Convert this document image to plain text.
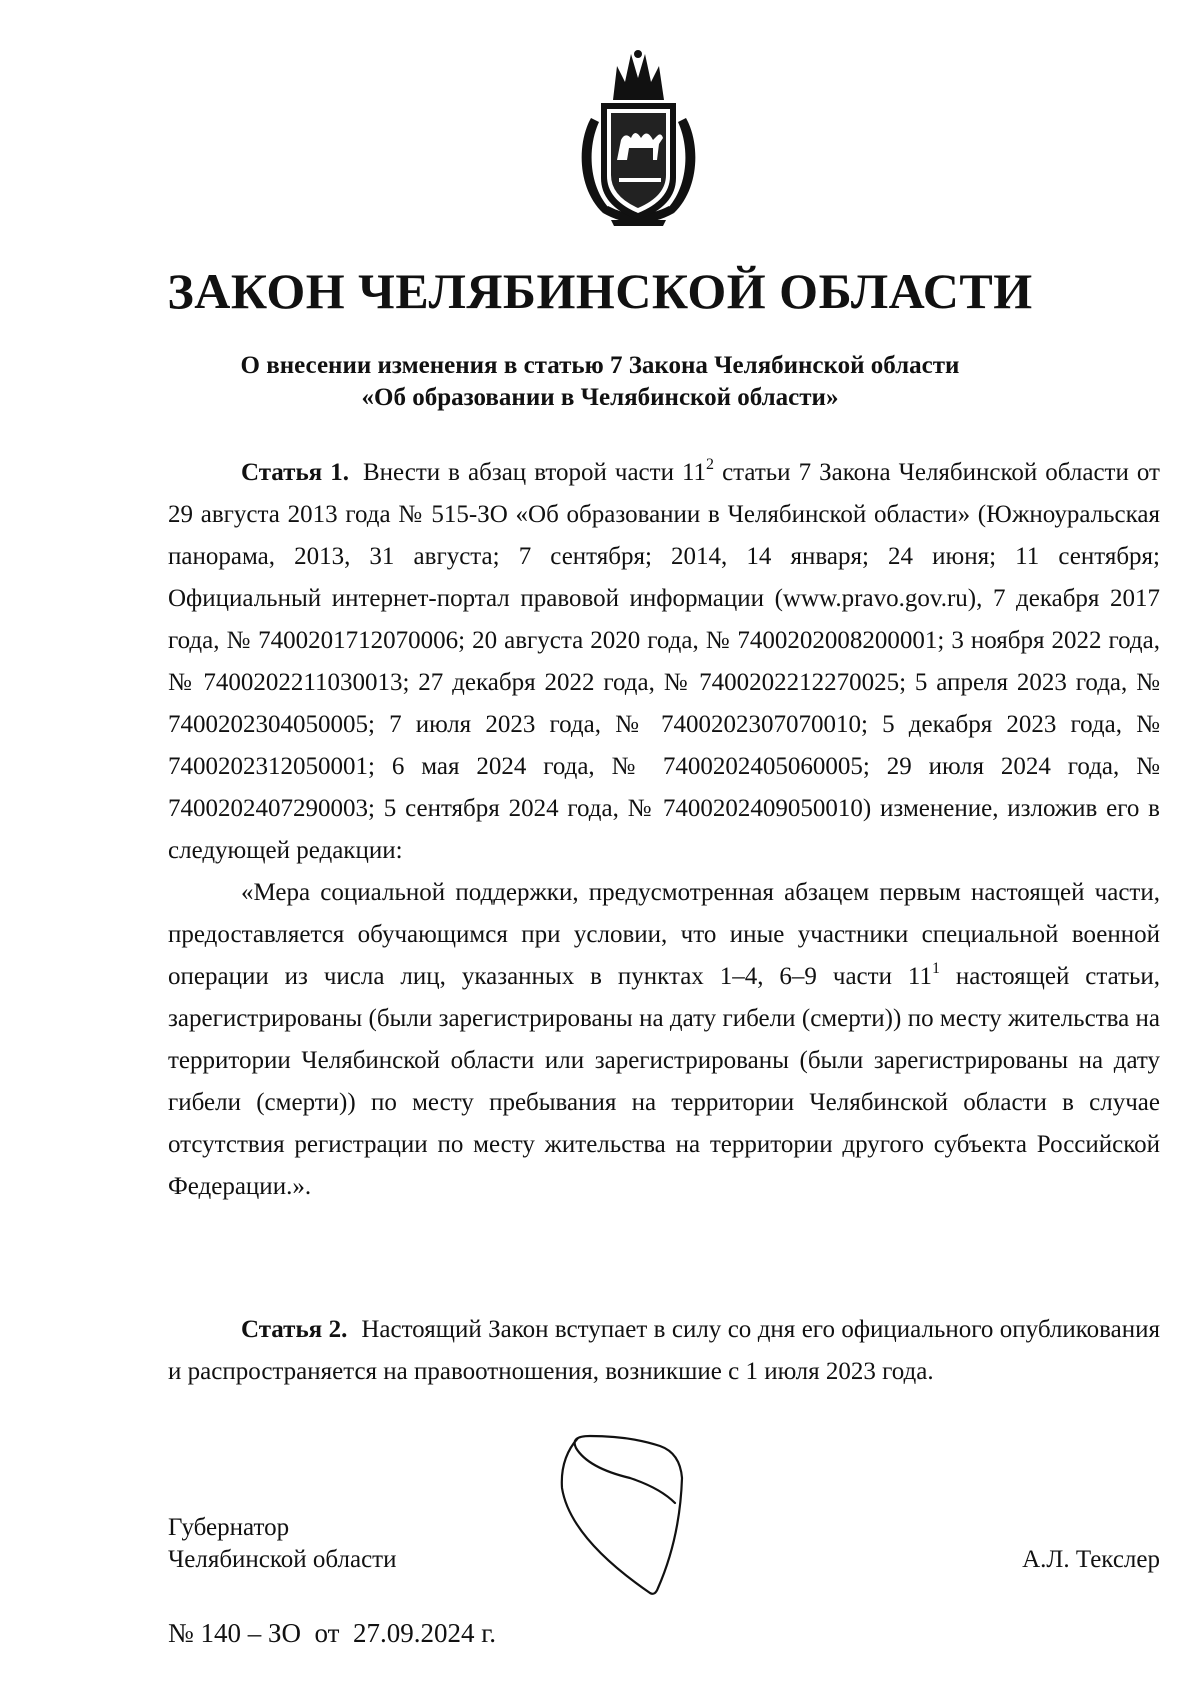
ЗАКОН ЧЕЛЯБИНСКОЙ ОБЛАСТИ
О внесении изменения в статью 7 Закона Челябинской области
«Об образовании в Челябинской области»

Статья 1. Внести в абзац второй части $11^2$ статьи 7 Закона Челябинской области от 29 августа 2013 года № 515-ЗО «Об образовании в Челябинской области» (Южноуральская панорама, 2013, 31 августа; 7 сентября; 2014, 14 января; 24 июня; 11 сентября; Официальный интернет-портал правовой информации (www.pravo.gov.ru), 7 декабря 2017 года, № 7400201712070006; 20 августа 2020 года, № 7400202008200001; 3 ноября 2022 года, № 7400202211030013; 27 декабря 2022 года, № 7400202212270025; 5 апреля 2023 года, № 7400202304050005; 7 июля 2023 года, № 7400202307070010; 5 декабря 2023 года, № 7400202312050001; 6 мая 2024 года, № 7400202405060005; 29 июля 2024 года, № 7400202407290003; 5 сентября 2024 года, № 7400202409050010) изменение, изложив его в следующей редакции:

«Мера социальной поддержки, предусмотренная абзацем первым настоящей части, предоставляется обучающимся при условии, что иные участники специальной военной операции из числа лиц, указанных в пунктах 1–4, 6–9 части $11^1$ настоящей статьи, зарегистрированы (были зарегистрированы на дату гибели (смерти)) по месту жительства на территории Челябинской области или зарегистрированы (были зарегистрированы на дату гибели (смерти)) по месту пребывания на территории Челябинской области в случае отсутствия регистрации по месту жительства на территории другого субъекта Российской Федерации.».

Статья 2. Настоящий Закон вступает в силу со дня его официального опубликования и распространяется на правоотношения, возникшие с 1 июля 2023 года.

Губернатор
Челябинской области	А.Л. Текслер
№ 140 – ЗО  от  27.09.2024 г.
